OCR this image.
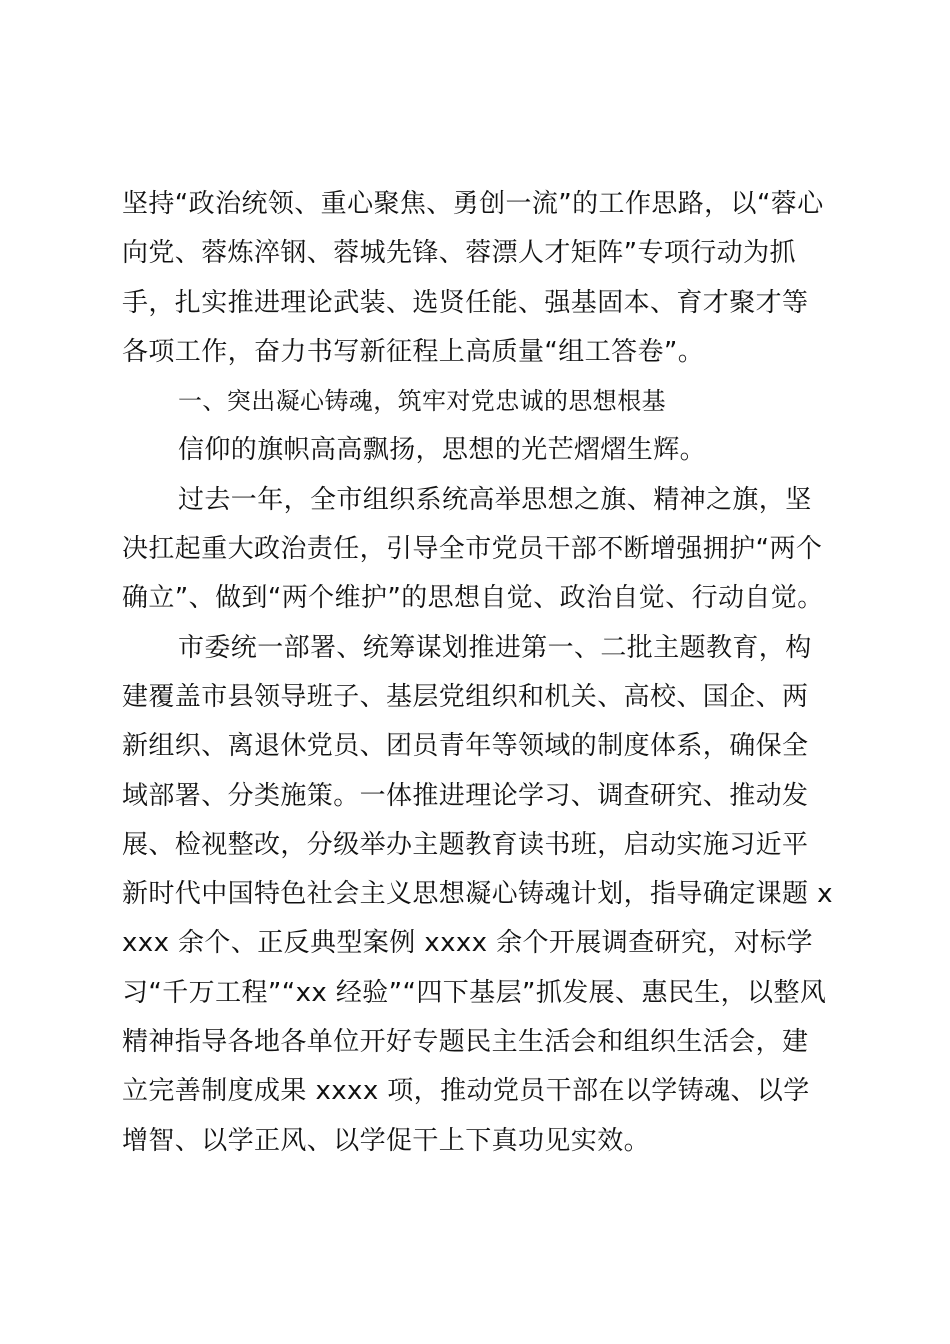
坚持“政治统领、重心聚焦、勇创一流”的工作思路，以“蓉心向党、蓉炼淬钢、蓉城先锋、蓉漂人才矩阵”专项行动为抓手，扎实推进理论武装、选贤任能、强基固本、育才聚才等各项工作，奋力书写新征程上高质量“组工答卷”。

一、突出凝心铸魂，筑牢对党忠诚的思想根基

信仰的旗帜高高飘扬，思想的光芒熠熠生辉。

过去一年，全市组织系统高举思想之旗、精神之旗，坚决扛起重大政治责任，引导全市党员干部不断增强拥护“两个确立”、做到“两个维护”的思想自觉、政治自觉、行动自觉。

市委统一部署、统筹谋划推进第一、二批主题教育，构建覆盖市县领导班子、基层党组织和机关、高校、国企、两新组织、离退休党员、团员青年等领域的制度体系，确保全域部署、分类施策。一体推进理论学习、调查研究、推动发展、检视整改，分级举办主题教育读书班，启动实施习近平新时代中国特色社会主义思想凝心铸魂计划，指导确定课题 xxxx 余个、正反典型案例 xxxx 余个开展调查研究，对标学习“千万工程”“xx 经验”“四下基层”抓发展、惠民生，以整风精神指导各地各单位开好专题民主生活会和组织生活会，建立完善制度成果 xxxx 项，推动党员干部在以学铸魂、以学增智、以学正风、以学促干上下真功见实效。
